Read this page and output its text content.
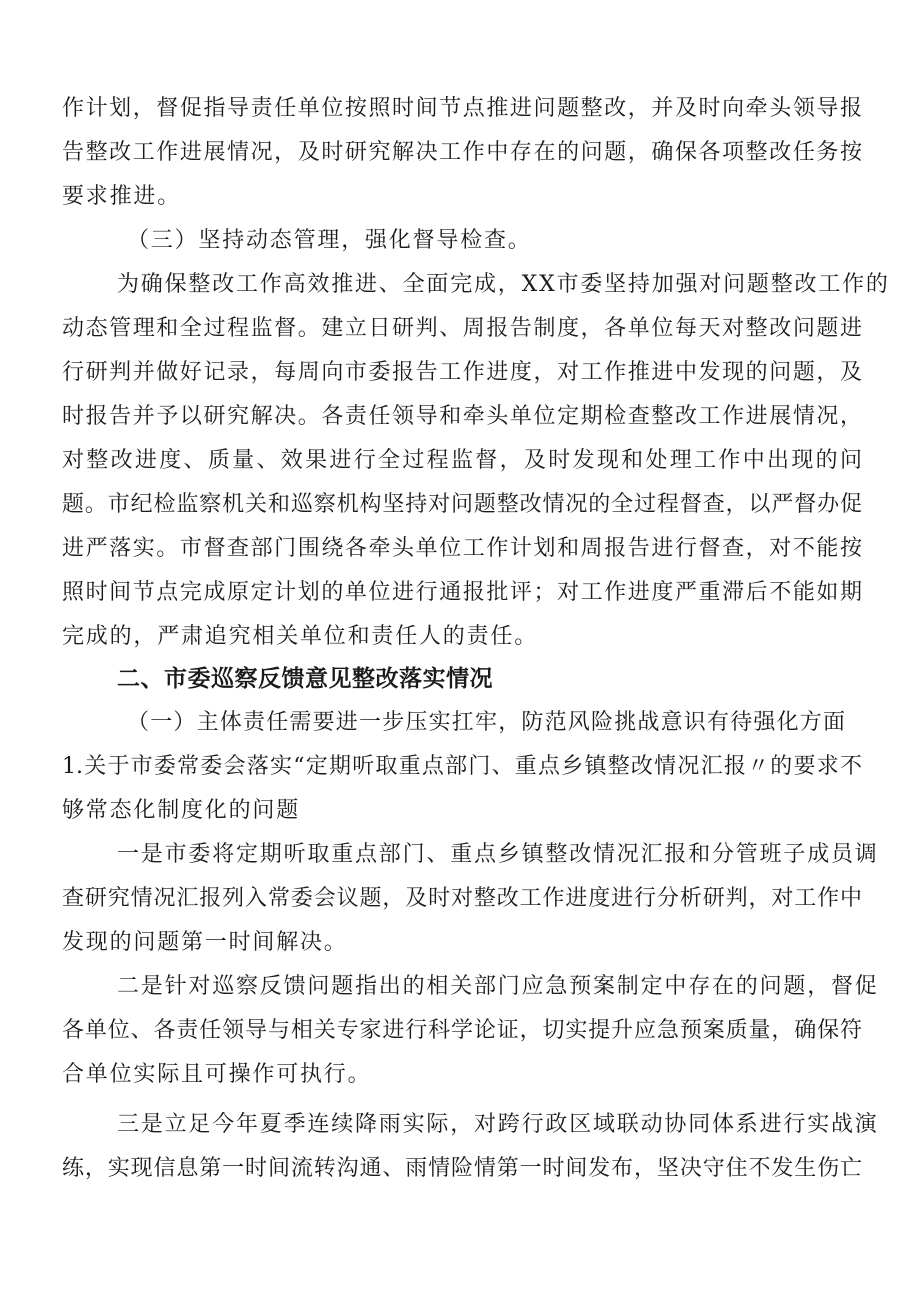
作计划，督促指导责任单位按照时间节点推进问题整改，并及时向牵头领导报
告整改工作进展情况，及时研究解决工作中存在的问题，确保各项整改任务按
要求推进。
（三）坚持动态管理，强化督导检查。
为确保整改工作高效推进、全面完成，XX市委坚持加强对问题整改工作的
动态管理和全过程监督。建立日研判、周报告制度，各单位每天对整改问题进
行研判并做好记录，每周向市委报告工作进度，对工作推进中发现的问题，及
时报告并予以研究解决。各责任领导和牵头单位定期检查整改工作进展情况，
对整改进度、质量、效果进行全过程监督，及时发现和处理工作中出现的问
题。市纪检监察机关和巡察机构坚持对问题整改情况的全过程督查，以严督办促
进严落实。市督查部门围绕各牵头单位工作计划和周报告进行督查，对不能按
照时间节点完成原定计划的单位进行通报批评；对工作进度严重滞后不能如期
完成的，严肃追究相关单位和责任人的责任。
二、市委巡察反馈意见整改落实情况
（一）主体责任需要进一步压实扛牢，防范风险挑战意识有待强化方面
1.关于市委常委会落实“定期听取重点部门、重点乡镇整改情况汇报〃的要求不
够常态化制度化的问题
一是市委将定期听取重点部门、重点乡镇整改情况汇报和分管班子成员调
查研究情况汇报列入常委会议题，及时对整改工作进度进行分析研判，对工作中
发现的问题第一时间解决。
二是针对巡察反馈问题指出的相关部门应急预案制定中存在的问题，督促
各单位、各责任领导与相关专家进行科学论证，切实提升应急预案质量，确保符
合单位实际且可操作可执行。
三是立足今年夏季连续降雨实际，对跨行政区域联动协同体系进行实战演
练，实现信息第一时间流转沟通、雨情险情第一时间发布，坚决守住不发生伤亡
